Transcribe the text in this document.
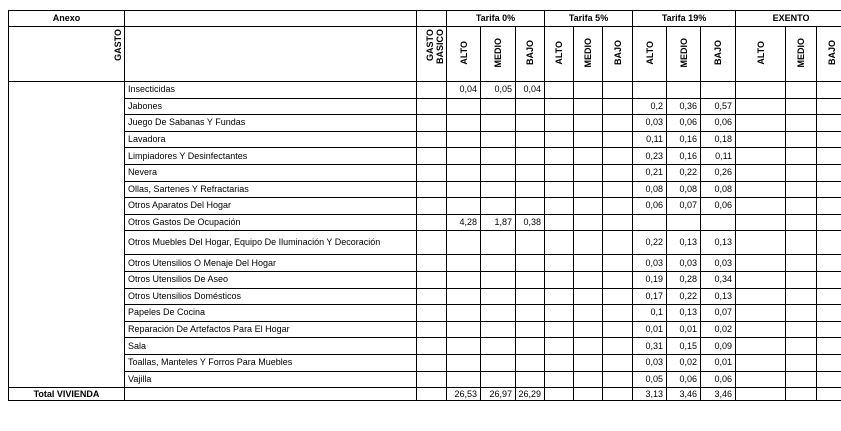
Anexo			Tarifa 0%			Tarifa 5%			Tarifa 19%			EXENTO		
GASTO		GASTO BASICO	ALTO	MEDIO	BAJO	ALTO	MEDIO	BAJO	ALTO	MEDIO	BAJO	ALTO	MEDIO	BAJO
	Insecticidas		0,04	0,05	0,04									
	Jabones								0,2	0,36	0,57			
	Juego De Sabanas Y Fundas								0,03	0,06	0,06			
	Lavadora								0,11	0,16	0,18			
	Limpiadores Y Desinfectantes								0,23	0,16	0,11			
	Nevera								0,21	0,22	0,26			
	Ollas, Sartenes Y Refractarias								0,08	0,08	0,08			
	Otros Aparatos Del Hogar								0,06	0,07	0,06			
	Otros Gastos De Ocupación		4,28	1,87	0,38									
	Otros Muebles Del Hogar, Equipo De Iluminación Y Decoración								0,22	0,13	0,13			
	Otros Utensilios O Menaje Del Hogar								0,03	0,03	0,03			
	Otros Utensilios De Aseo								0,19	0,28	0,34			
	Otros Utensilios Domésticos								0,17	0,22	0,13			
	Papeles De Cocina								0,1	0,13	0,07			
	Reparación De Artefactos Para El Hogar								0,01	0,01	0,02			
	Sala								0,31	0,15	0,09			
	Toallas, Manteles Y Forros Para Muebles								0,03	0,02	0,01			
	Vajilla								0,05	0,06	0,06			
Total VIVIENDA			26,53	26,97	26,29				3,13	3,46	3,46			
